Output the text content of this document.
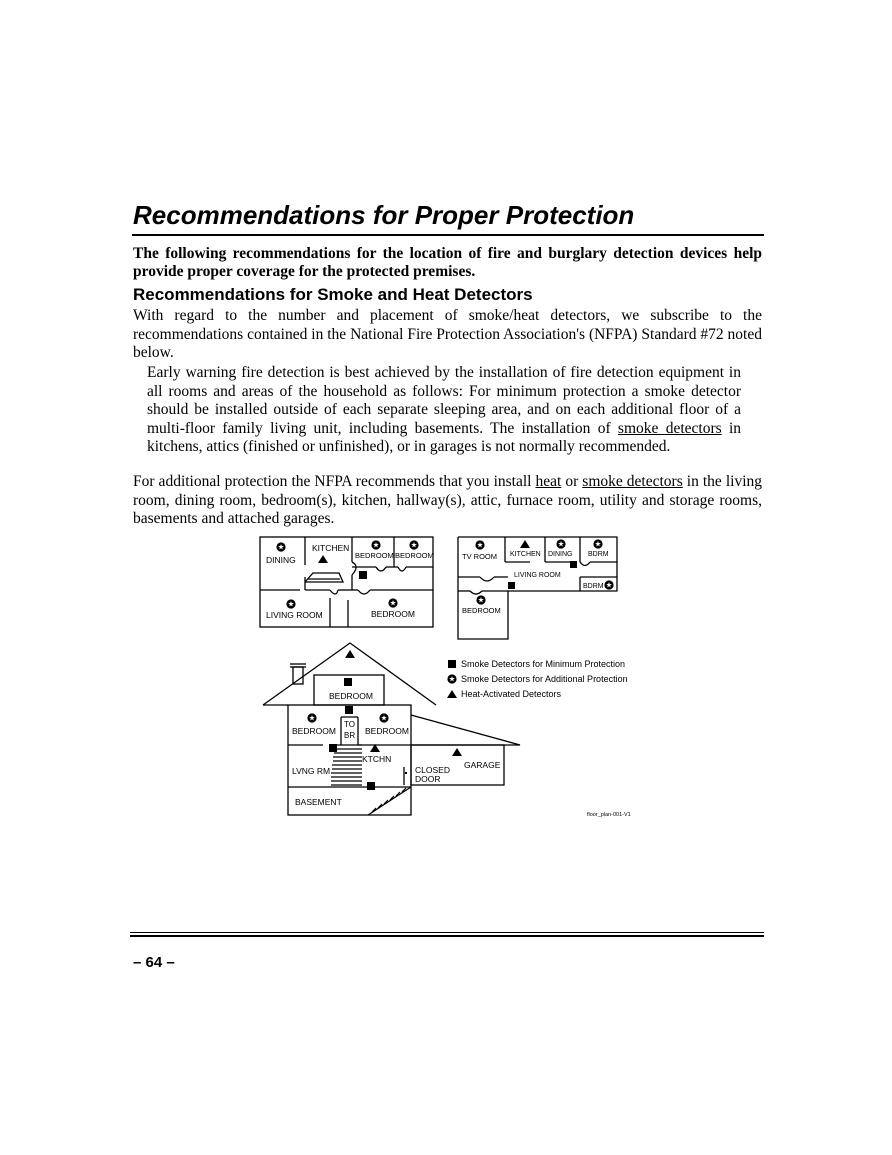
Recommendations for Proper Protection
The following recommendations for the location of fire and burglary detection devices help provide proper coverage for the protected premises.
Recommendations for Smoke and Heat Detectors
With regard to the number and placement of smoke/heat detectors, we subscribe to the recommendations contained in the National Fire Protection Association's (NFPA) Standard #72 noted below.
Early warning fire detection is best achieved by the installation of fire detection equipment in all rooms and areas of the household as follows: For minimum protection a smoke detector should be installed outside of each separate sleeping area, and on each additional floor of a multi-floor family living unit, including basements. The installation of smoke detectors in kitchens, attics (finished or unfinished), or in garages is not normally recommended.
For additional protection the NFPA recommends that you install heat or smoke detectors in the living room, dining room, bedroom(s), kitchen, hallway(s), attic, furnace room, utility and storage rooms, basements and attached garages.
DINING
KITCHEN
BEDROOM BEDROOM
LIVING ROOM	BEDROOM
TV ROOM KITCHEN DINING BDRM
LIVING ROOM
BDRM
BEDROOM
BEDROOM
BEDROOM
TO
BR BEDROOM
KTCHN
LVNG RM	CLOSED
DOOR
GARAGE
BASEMENT
Smoke Detectors for Minimum Protection
Smoke Detectors for Additional Protection
Heat-Activated Detectors
floor_plan-001-V1
– 64 –
